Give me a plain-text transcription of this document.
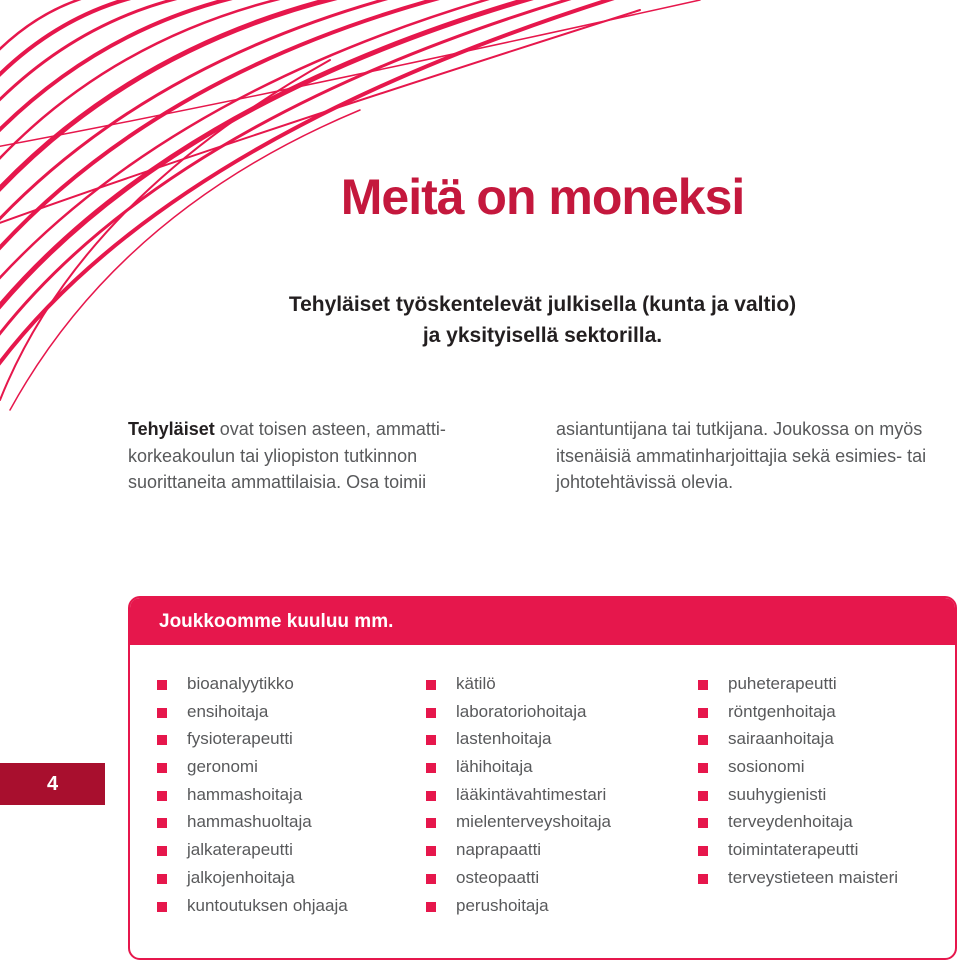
Meitä on moneksi
Tehyläiset työskentelevät julkisella (kunta ja valtio)
ja yksityisellä sektorilla.
Tehyläiset ovat toisen asteen, ammatti-
korkeakoulun tai yliopiston tutkinnon
suorittaneita ammattilaisia. Osa toimii
asiantuntijana tai tutkijana. Joukossa on myös
itsenäisiä ammatinharjoittajia sekä esimies- tai
johtotehtävissä olevia.
Joukkoomme kuuluu mm.
bioanalyytikko
ensihoitaja
fysioterapeutti
geronomi
hammashoitaja
hammashuoltaja
jalkaterapeutti
jalkojenhoitaja
kuntoutuksen ohjaaja
kätilö
laboratoriohoitaja
lastenhoitaja
lähihoitaja
lääkintävahtimestari
mielenterveyshoitaja
naprapaatti
osteopaatti
perushoitaja
puheterapeutti
röntgenhoitaja
sairaanhoitaja
sosionomi
suuhygienisti
terveydenhoitaja
toimintaterapeutti
terveystieteen maisteri
4
